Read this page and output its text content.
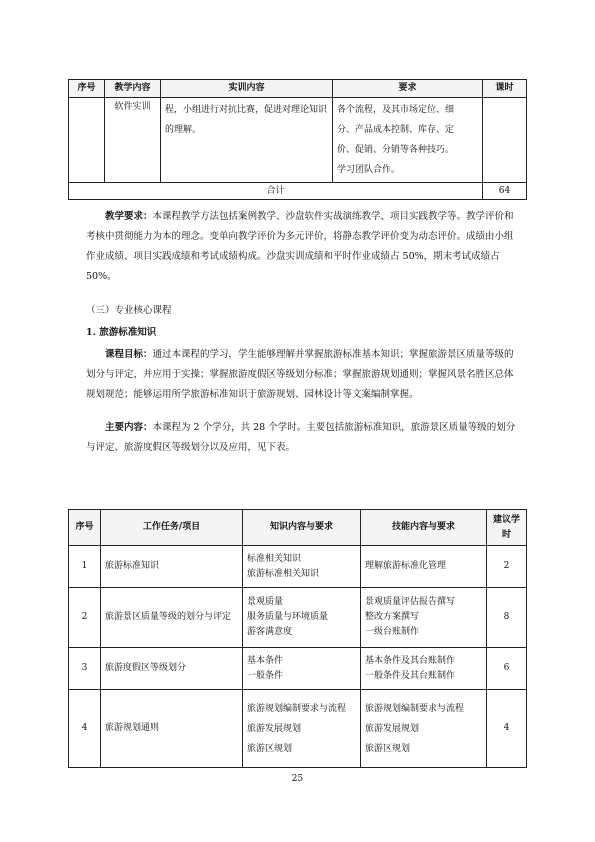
序号	教学内容	实训内容	要求	课时
	软件实训	程，小组进行对抗比赛，促进对理论知识的理解。	各个流程，及其市场定位、细
分、产品成本控制、库存、定
价、促销、分销等各种技巧。
学习团队合作。	

合计				64

教学要求：本课程教学方法包括案例教学、沙盘软件实战演练教学、项目实践教学等。教学评价和考核中贯彻能力为本的理念。变单向教学评价为多元评价，将静态教学评价变为动态评价。成绩由小组作业成绩、项目实践成绩和考试成绩构成。沙盘实训成绩和平时作业成绩占 50%，期末考试成绩占 50%。

（三）专业核心课程

1. 旅游标准知识

课程目标：通过本课程的学习，学生能够理解并掌握旅游标准基本知识；掌握旅游景区质量等级的划分与评定，并应用于实操；掌握旅游度假区等级划分标准；掌握旅游规划通则；掌握风景名胜区总体规划规范；能够运用所学旅游标准知识于旅游规划、园林设计等文案编制掌握。

主要内容：本课程为 2 个学分，共 28 个学时。主要包括旅游标准知识，旅游景区质量等级的划分与评定、旅游度假区等级划分以及应用，见下表。

序号	工作任务/项目	知识内容与要求	技能内容与要求	建议学时
1	旅游标准知识	标准相关知识
旅游标准相关知识	理解旅游标准化管理	2
2	旅游景区质量等级的划分与评定	景观质量
服务质量与环境质量
游客满意度	景观质量评估报告撰写
整改方案撰写
一级台账制作	8
3	旅游度假区等级划分	基本条件
一般条件	基本条件及其台账制作
一般条件及其台账制作	6
4	旅游规划通则	旅游规划编制要求与流程
旅游发展规划
旅游区规划	旅游规划编制要求与流程
旅游发展规划
旅游区规划	4
25
